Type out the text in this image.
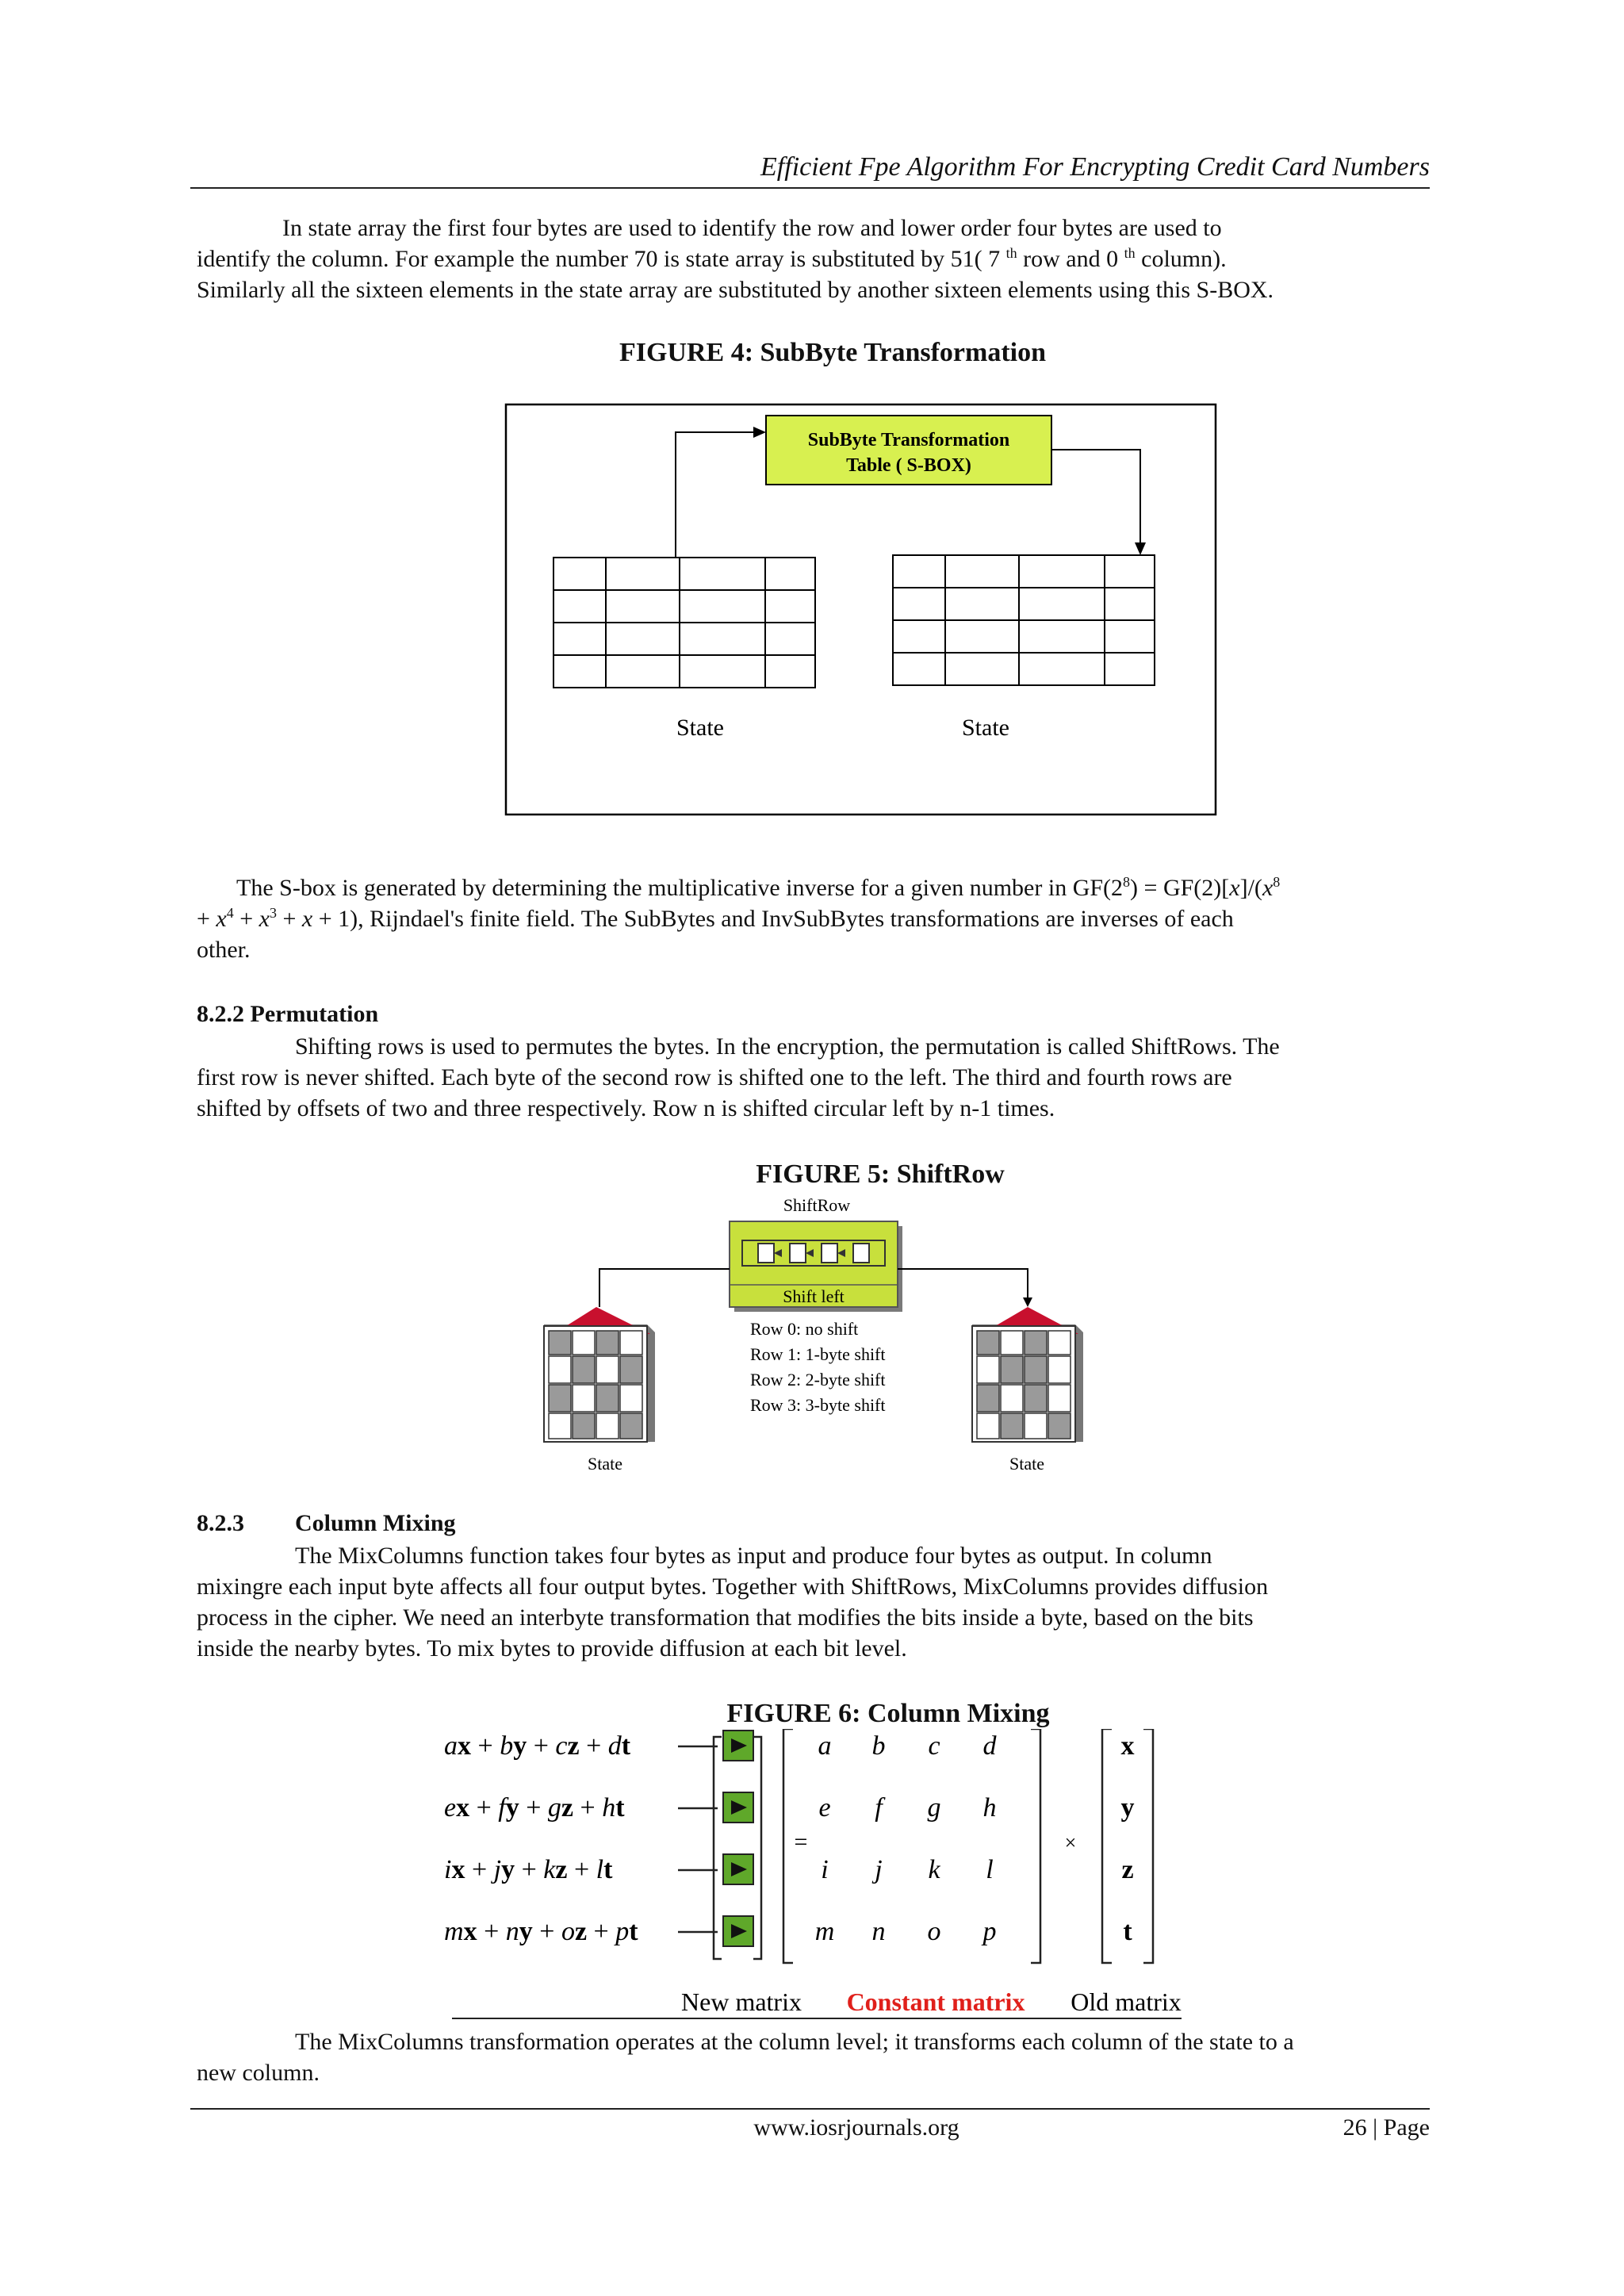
Efficient Fpe Algorithm For Encrypting Credit Card Numbers
In state array the first four bytes are used to identify the row and lower order four bytes are used to
identify the column. For example the number 70 is state array is substituted by 51( 7 $^{th}$ row and 0 $^{th}$ column).
Similarly all the sixteen elements in the state array are substituted by another sixteen elements using this S-BOX.
FIGURE 4: SubByte Transformation
SubByte Transformation
Table ( S-BOX)
State	State
The S-box is generated by determining the multiplicative inverse for a given number in $GF(2^8) = GF(2)[x]/(x^8$
+ $x^4 + x^3 + x + 1$), Rijndael's finite field. The SubBytes and InvSubBytes transformations are inverses of each
other.
8.2.2 Permutation
Shifting rows is used to permutes the bytes. In the encryption, the permutation is called ShiftRows. The
first row is never shifted. Each byte of the second row is shifted one to the left. The third and fourth rows are
shifted by offsets of two and three respectively. Row n is shifted circular left by n-1 times.
FIGURE 5: ShiftRow
ShiftRow
Shift left
Row 0: no shift
Row 1: 1-byte shift
Row 2: 2-byte shift
Row 3: 3-byte shift
State	State
8.2.3 Column Mixing
The MixColumns function takes four bytes as input and produce four bytes as output. In column
mixingre each input byte affects all four output bytes. Together with ShiftRows, MixColumns provides diffusion
process in the cipher. We need an interbyte transformation that modifies the bits inside a byte, based on the bits
inside the nearby bytes. To mix bytes to provide diffusion at each bit level.
FIGURE 6: Column Mixing
ax + by + cz + dt
ex + fy + gz + ht
ix + jy + kz + lt
mx + ny + oz + pt
=
a b c d
e f g h
i j k l
m n o p
×
x
y
z
t
New matrix Constant matrix Old matrix
The MixColumns transformation operates at the column level; it transforms each column of the state to a
new column.
www.iosrjournals.org	26 | Page
